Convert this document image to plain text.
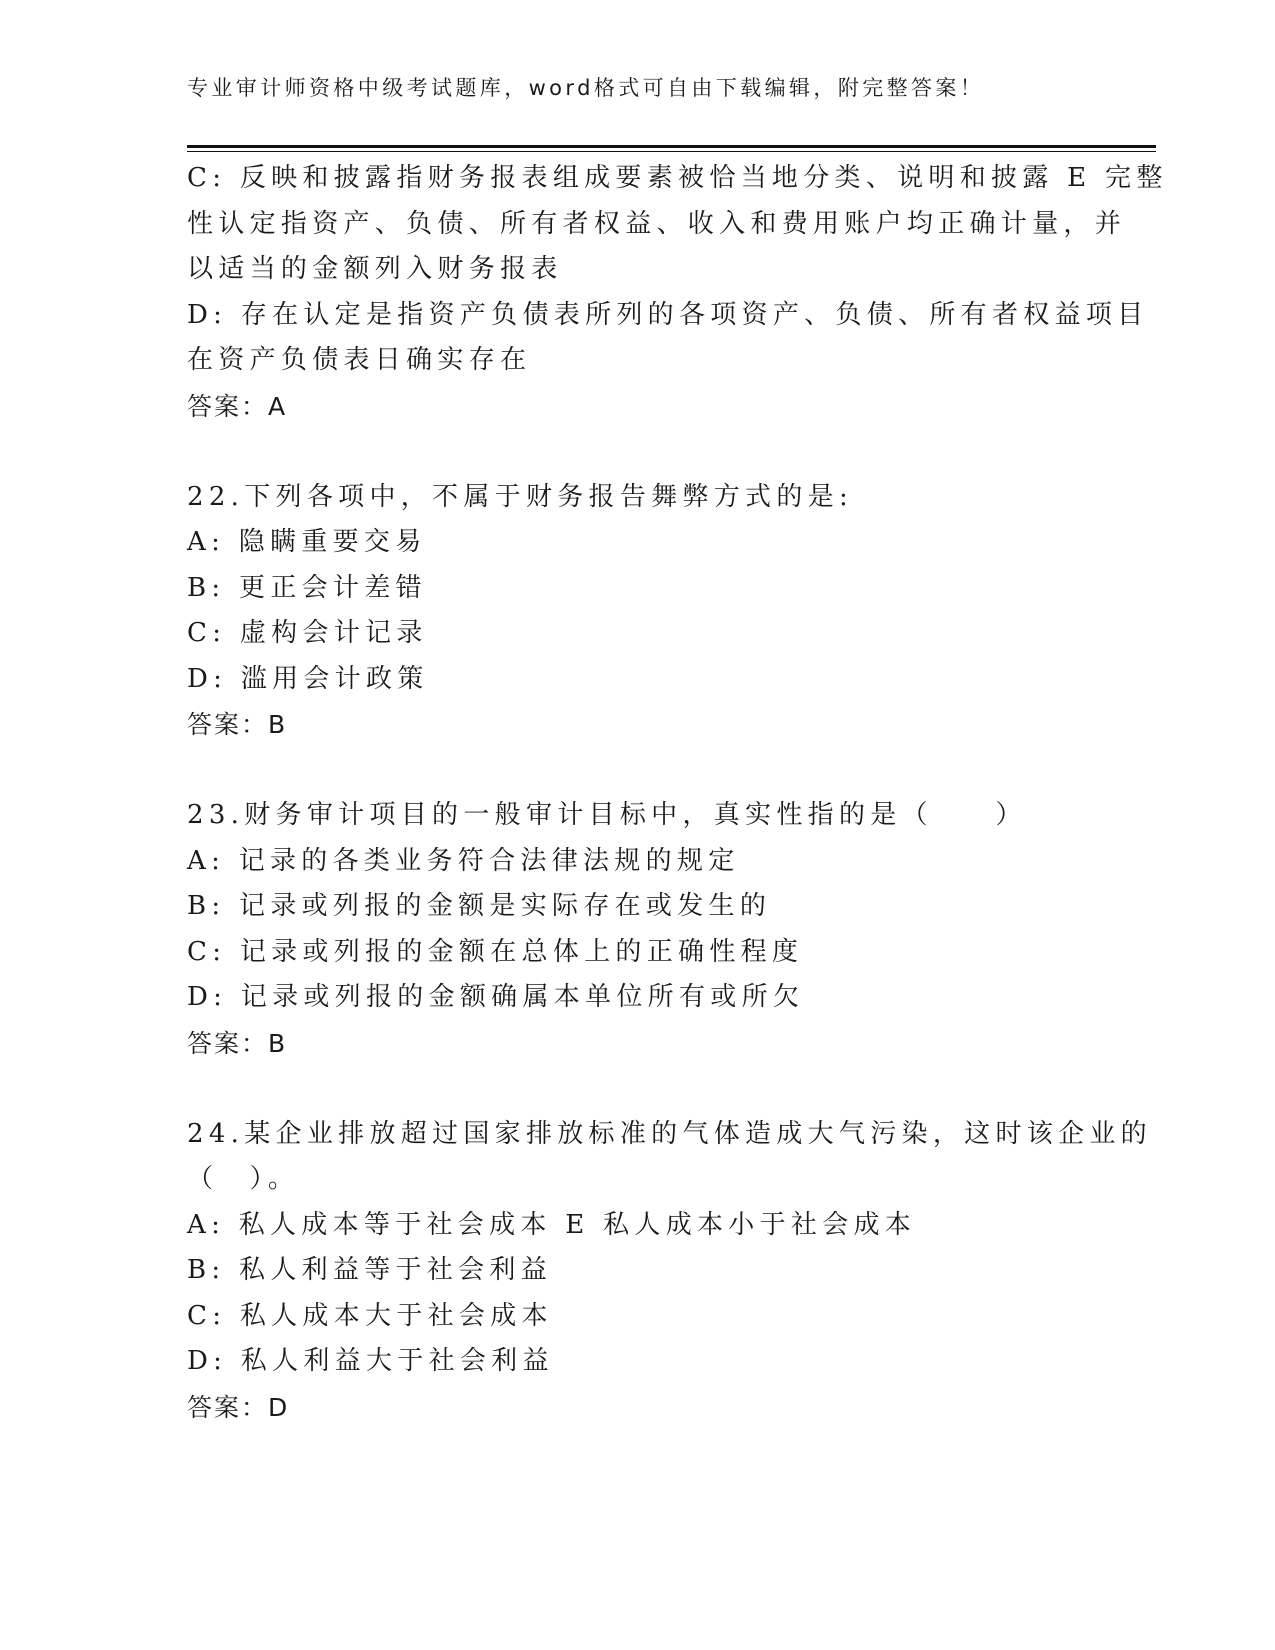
专业审计师资格中级考试题库，word格式可自由下载编辑，附完整答案！
C: 反映和披露指财务报表组成要素被恰当地分类、说明和披露 E 完整
性认定指资产、负债、所有者权益、收入和费用账户均正确计量，并
以适当的金额列入财务报表
D: 存在认定是指资产负债表所列的各项资产、负债、所有者权益项目
在资产负债表日确实存在
答案：A
22.下列各项中，不属于财务报告舞弊方式的是:
A: 隐瞒重要交易
B: 更正会计差错
C: 虚构会计记录
D: 滥用会计政策
答案：B
23.财务审计项目的一般审计目标中，真实性指的是（　　）
A: 记录的各类业务符合法律法规的规定
B: 记录或列报的金额是实际存在或发生的
C: 记录或列报的金额在总体上的正确性程度
D: 记录或列报的金额确属本单位所有或所欠
答案：B
24.某企业排放超过国家排放标准的气体造成大气污染，这时该企业的
（　）。
A: 私人成本等于社会成本 E 私人成本小于社会成本
B: 私人利益等于社会利益
C: 私人成本大于社会成本
D: 私人利益大于社会利益
答案：D
